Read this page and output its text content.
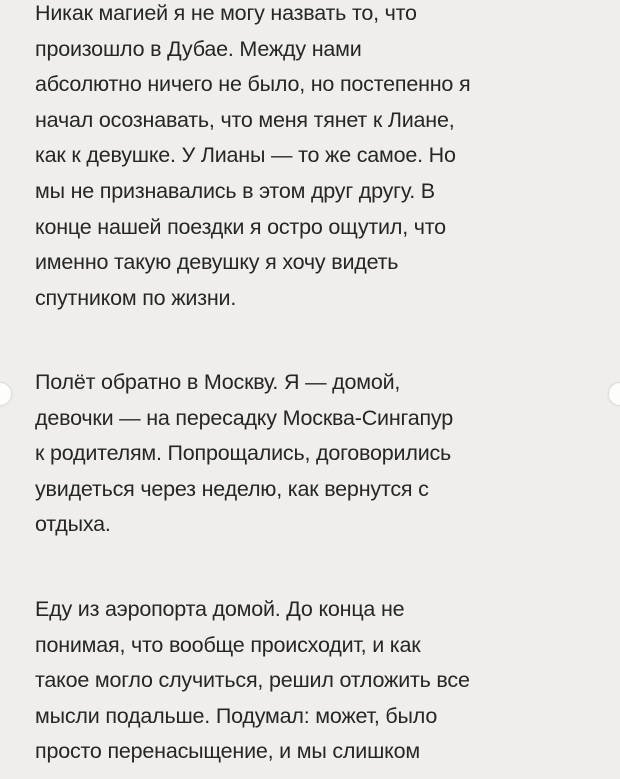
Никак магией я не могу назвать то, что
произошло в Дубае. Между нами
абсолютно ничего не было, но постепенно я
начал осознавать, что меня тянет к Лиане,
как к девушке. У Лианы — то же самое. Но
мы не признавались в этом друг другу. В
конце нашей поездки я остро ощутил, что
именно такую девушку я хочу видеть
спутником по жизни.

Полёт обратно в Москву. Я — домой,
девочки — на пересадку Москва-Сингапур
к родителям. Попрощались, договорились
увидеться через неделю, как вернутся с
отдыха.

Еду из аэропорта домой. До конца не
понимая, что вообще происходит, и как
такое могло случиться, решил отложить все
мысли подальше. Подумал: может, было
просто перенасыщение, и мы слишком
